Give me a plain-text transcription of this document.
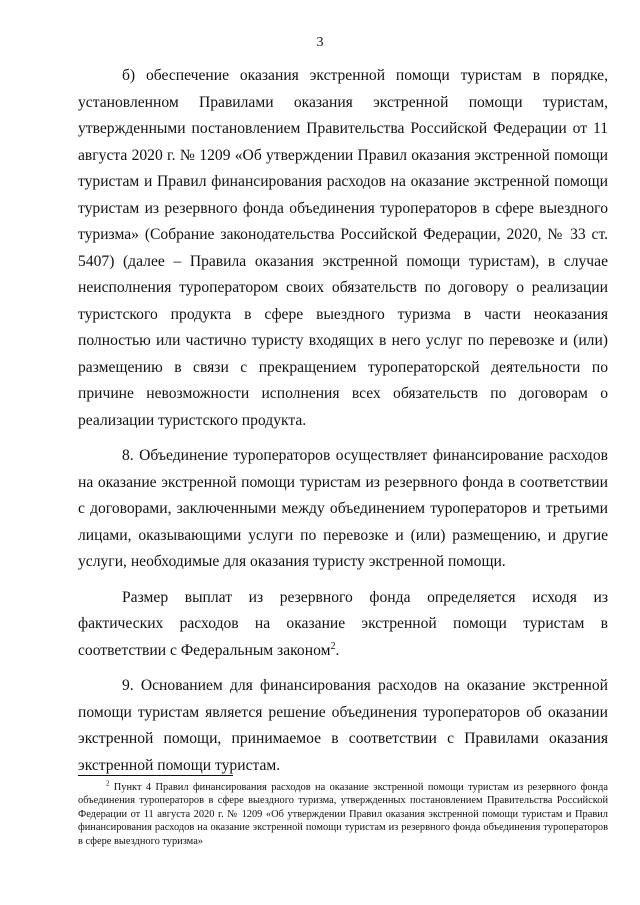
3

б) обеспечение оказания экстренной помощи туристам в порядке, установленном Правилами оказания экстренной помощи туристам, утвержденными постановлением Правительства Российской Федерации от 11 августа 2020 г. № 1209 «Об утверждении Правил оказания экстренной помощи туристам и Правил финансирования расходов на оказание экстренной помощи туристам из резервного фонда объединения туроператоров в сфере выездного туризма» (Собрание законодательства Российской Федерации, 2020, № 33 ст. 5407) (далее – Правила оказания экстренной помощи туристам), в случае неисполнения туроператором своих обязательств по договору о реализации туристского продукта в сфере выездного туризма в части неоказания полностью или частично туристу входящих в него услуг по перевозке и (или) размещению в связи с прекращением туроператорской деятельности по причине невозможности исполнения всех обязательств по договорам о реализации туристского продукта.

8. Объединение туроператоров осуществляет финансирование расходов на оказание экстренной помощи туристам из резервного фонда в соответствии с договорами, заключенными между объединением туроператоров и третьими лицами, оказывающими услуги по перевозке и (или) размещению, и другие услуги, необходимые для оказания туристу экстренной помощи.

Размер выплат из резервного фонда определяется исходя из фактических расходов на оказание экстренной помощи туристам в соответствии с Федеральным законом$^2$.

9. Основанием для финансирования расходов на оказание экстренной помощи туристам является решение объединения туроператоров об оказании экстренной помощи, принимаемое в соответствии с Правилами оказания экстренной помощи туристам.

$^2$ Пункт 4 Правил финансирования расходов на оказание экстренной помощи туристам из резервного фонда объединения туроператоров в сфере выездного туризма, утвержденных постановлением Правительства Российской Федерации от 11 августа 2020 г. № 1209 «Об утверждении Правил оказания экстренной помощи туристам и Правил финансирования расходов на оказание экстренной помощи туристам из резервного фонда объединения туроператоров в сфере выездного туризма»
